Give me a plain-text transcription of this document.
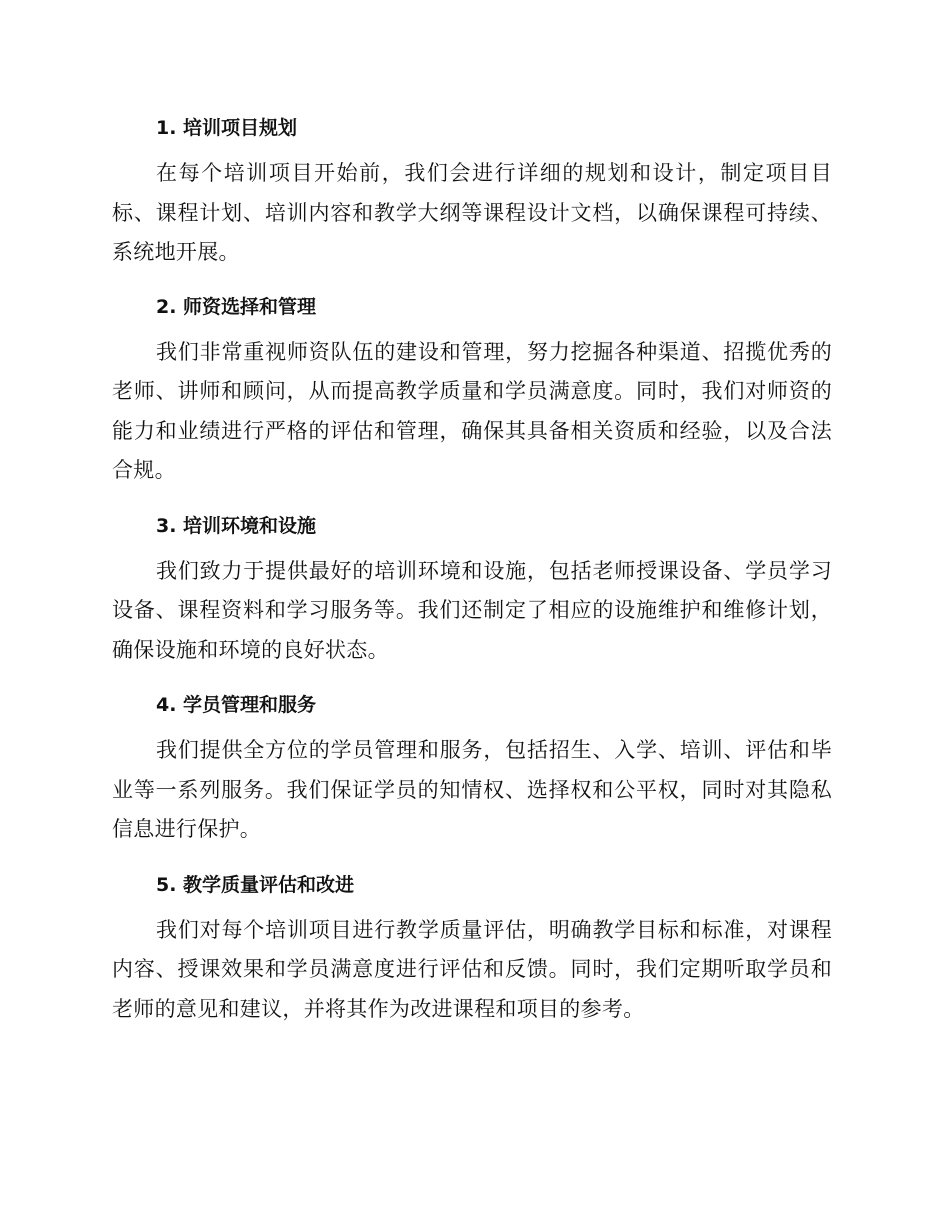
1. 培训项目规划

在每个培训项目开始前，我们会进行详细的规划和设计，制定项目目标、课程计划、培训内容和教学大纲等课程设计文档，以确保课程可持续、系统地开展。

2. 师资选择和管理

我们非常重视师资队伍的建设和管理，努力挖掘各种渠道、招揽优秀的老师、讲师和顾问，从而提高教学质量和学员满意度。同时，我们对师资的能力和业绩进行严格的评估和管理，确保其具备相关资质和经验，以及合法合规。

3. 培训环境和设施

我们致力于提供最好的培训环境和设施，包括老师授课设备、学员学习设备、课程资料和学习服务等。我们还制定了相应的设施维护和维修计划，确保设施和环境的良好状态。

4. 学员管理和服务

我们提供全方位的学员管理和服务，包括招生、入学、培训、评估和毕业等一系列服务。我们保证学员的知情权、选择权和公平权，同时对其隐私信息进行保护。

5. 教学质量评估和改进

我们对每个培训项目进行教学质量评估，明确教学目标和标准，对课程内容、授课效果和学员满意度进行评估和反馈。同时，我们定期听取学员和老师的意见和建议，并将其作为改进课程和项目的参考。
